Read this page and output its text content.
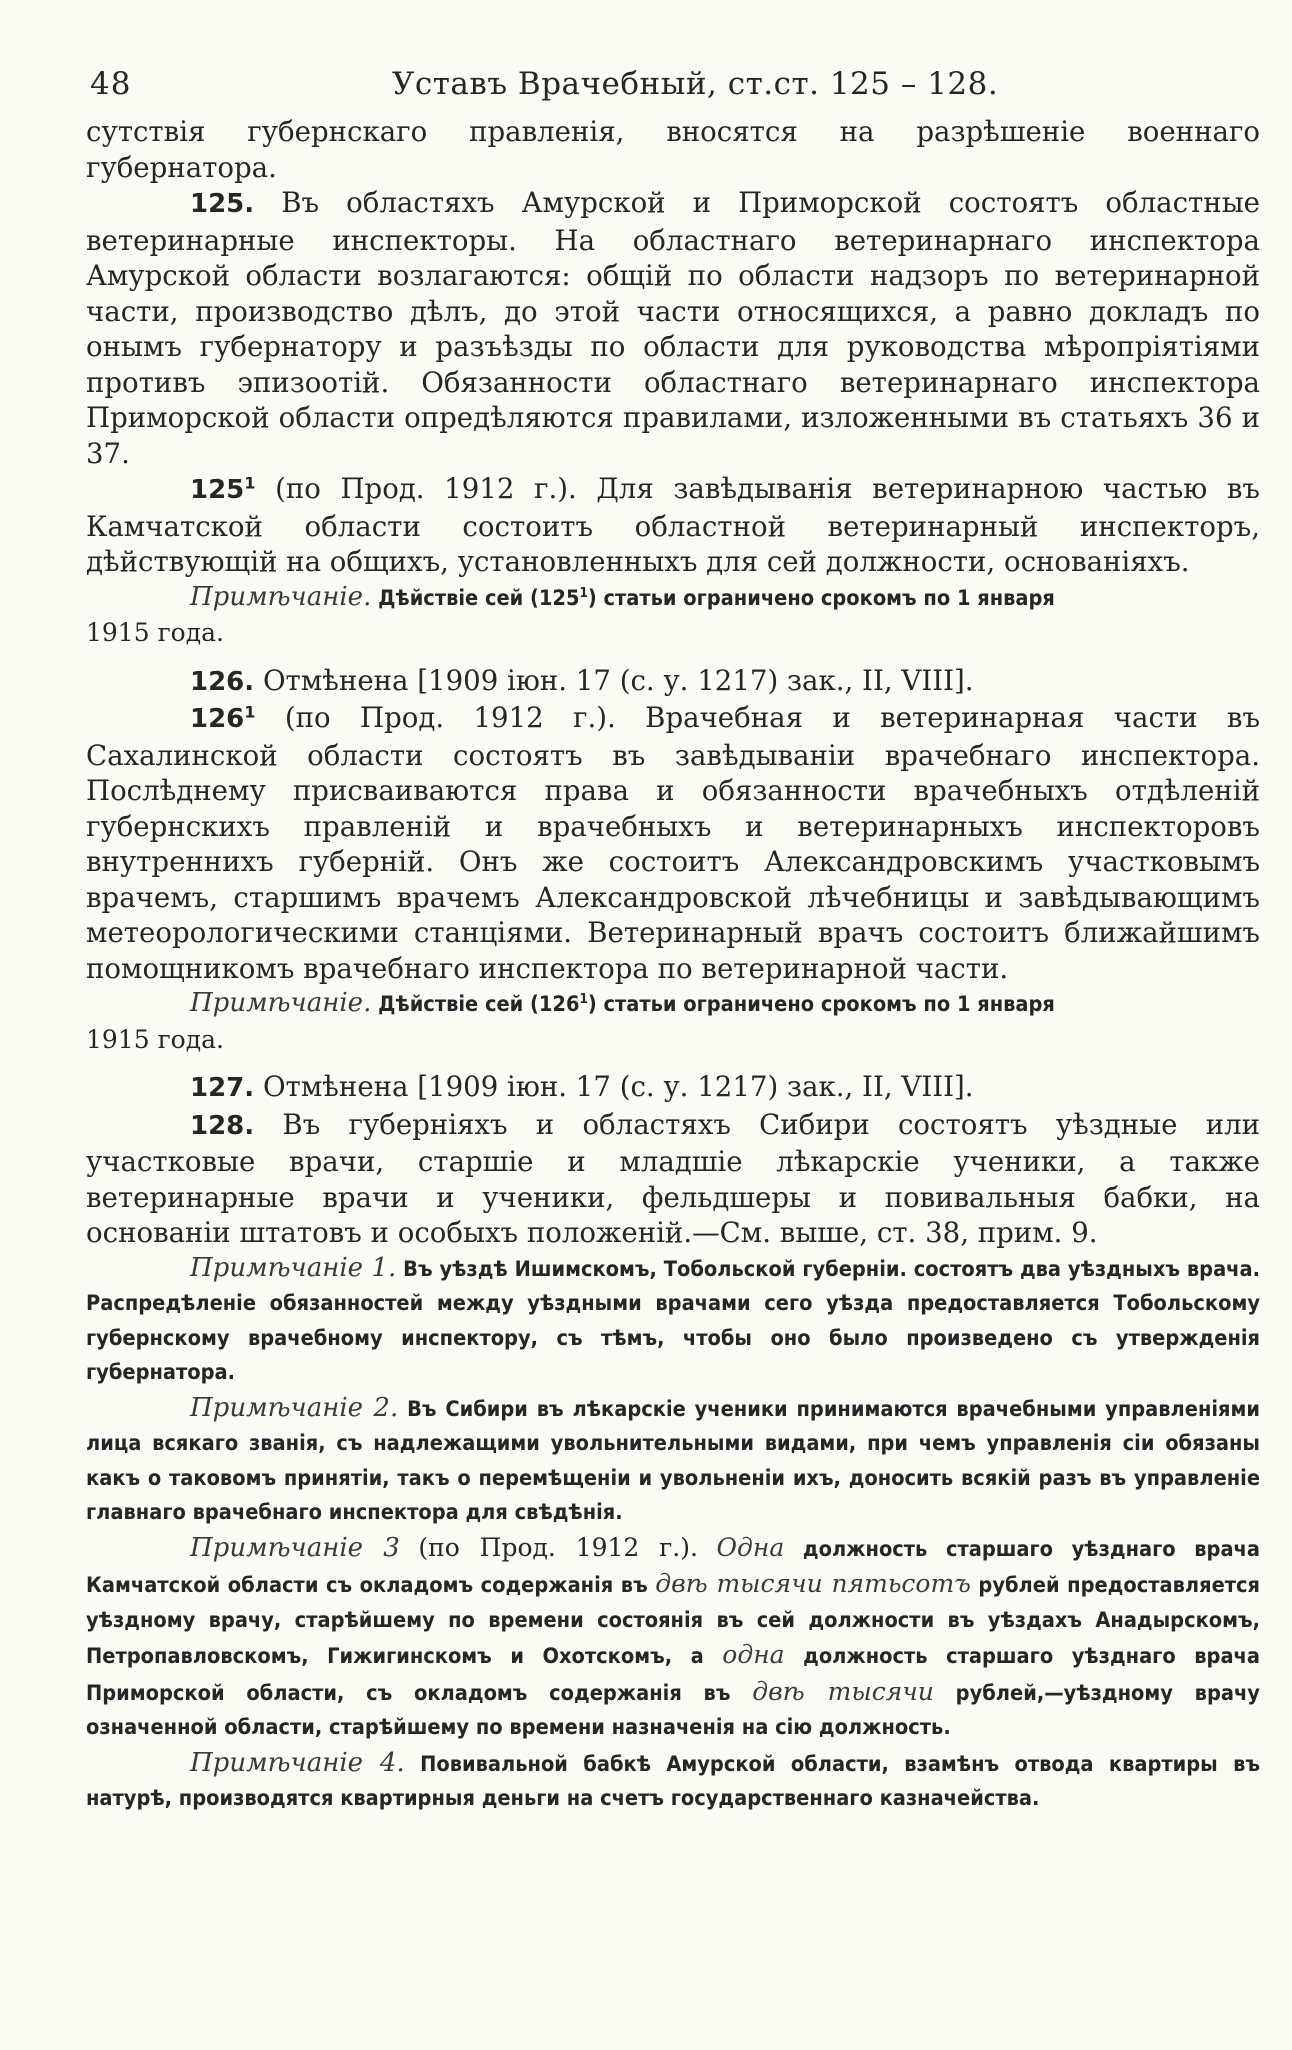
48	Уставъ Врачебный, ст.ст. 125 – 128.

сутствія губернскаго правленія, вносятся на разрѣшеніе военнаго губернатора.

125. Въ областяхъ Амурской и Приморской состоятъ областные ветеринарные инспекторы. На областнаго ветеринарнаго инспектора Амурской области возлагаются: общій по области надзоръ по ветеринарной части, производство дѣлъ, до этой части относящихся, а равно докладъ по онымъ губернатору и разъѣзды по области для руководства мѣропріятіями противъ эпизоотій. Обязанности областнаго ветеринарнаго инспектора Приморской области опредѣляются правилами, изложенными въ статьяхъ 36 и 37.

$125^1$ (по Прод. 1912 г.). Для завѣдыванія ветеринарною частью въ Камчатской области состоитъ областной ветеринарный инспекторъ, дѣйствующій на общихъ, установленныхъ для сей должности, основаніяхъ.

Примѣчаніе. Дѣйствіе сей $(125^1)$ статьи ограничено срокомъ по 1 января

1915 года.

126. Отмѣнена [1909 іюн. 17 (с. у. 1217) зак., II, VIII].

$126^1$ (по Прод. 1912 г.). Врачебная и ветеринарная части въ Сахалинской области состоятъ въ завѣдываніи врачебнаго инспектора. Послѣднему присваиваются права и обязанности врачебныхъ отдѣленій губернскихъ правленій и врачебныхъ и ветеринарныхъ инспекторовъ внутреннихъ губерній. Онъ же состоитъ Александровскимъ участковымъ врачемъ, старшимъ врачемъ Александровской лѣчебницы и завѣдывающимъ метеорологическими станціями. Ветеринарный врачъ состоитъ ближайшимъ помощникомъ врачебнаго инспектора по ветеринарной части.

Примѣчаніе. Дѣйствіе сей $(126^1)$ статьи ограничено срокомъ по 1 января

1915 года.

127. Отмѣнена [1909 іюн. 17 (с. у. 1217) зак., II, VIII].

128. Въ губерніяхъ и областяхъ Сибири состоятъ уѣздные или участковые врачи, старшіе и младшіе лѣкарскіе ученики, а также ветеринарные врачи и ученики, фельдшеры и повивальныя бабки, на основаніи штатовъ и особыхъ положеній.—См. выше, ст. 38, прим. 9.

Примѣчаніе 1. Въ уѣздѣ Ишимскомъ, Тобольской губерніи. состоятъ два уѣздныхъ врача. Распредѣленіе обязанностей между уѣздными врачами сего уѣзда предоставляется Тобольскому губернскому врачебному инспектору, съ тѣмъ, чтобы оно было произведено съ утвержденія губернатора.

Примѣчаніе 2. Въ Сибири въ лѣкарскіе ученики принимаются врачебными управленіями лица всякаго званія, съ надлежащими увольнительными видами, при чемъ управленія сіи обязаны какъ о таковомъ принятіи, такъ о перемѣщеніи и увольненіи ихъ, доносить всякій разъ въ управленіе главнаго врачебнаго инспектора для свѣдѣнія.

Примѣчаніе 3 (по Прод. 1912 г.). Одна должность старшаго уѣзднаго врача Камчатской области съ окладомъ содержанія въ двѣ тысячи пятьсотъ рублей предоставляется уѣздному врачу, старѣйшему по времени состоянія въ сей должности въ уѣздахъ Анадырскомъ, Петропавловскомъ, Гижигинскомъ и Охотскомъ, а одна должность старшаго уѣзднаго врача Приморской области, съ окладомъ содержанія въ двѣ тысячи рублей,—уѣздному врачу означенной области, старѣйшему по времени назначенія на сію должность.

Примѣчаніе 4. Повивальной бабкѣ Амурской области, взамѣнъ отвода квартиры въ натурѣ, производятся квартирныя деньги на счетъ государственнаго казначейства.
